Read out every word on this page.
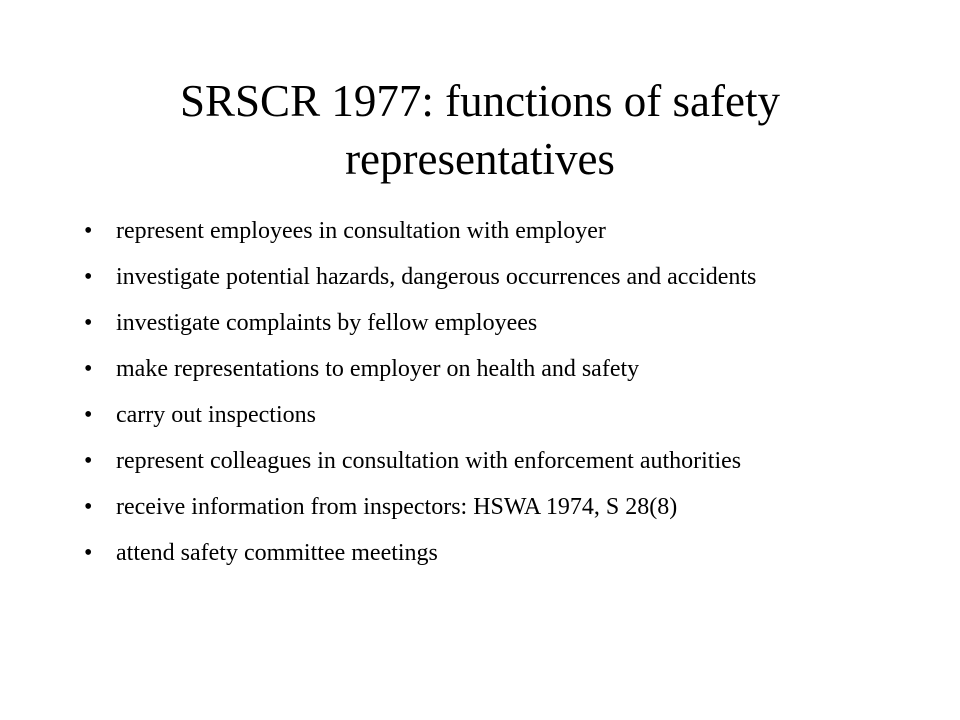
SRSCR 1977: functions of safety representatives
• represent employees in consultation with employer
• investigate potential hazards, dangerous occurrences and accidents
• investigate complaints by fellow employees
• make representations to employer on health and safety
• carry out inspections
• represent colleagues in consultation with enforcement authorities
• receive information from inspectors: HSWA 1974, S 28(8)
• attend safety committee meetings
